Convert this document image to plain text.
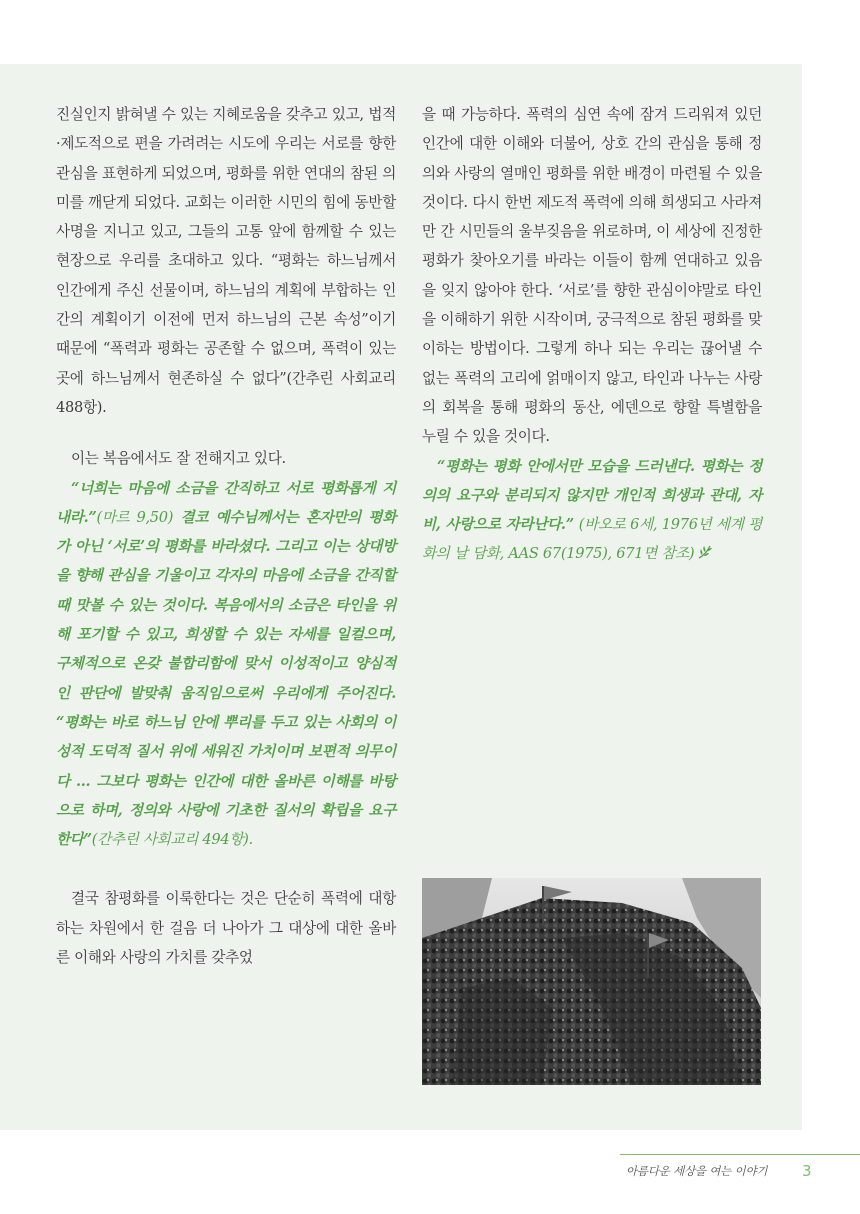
진실인지 밝혀낼 수 있는 지혜로움을 갖추고 있고, 법적·제도적으로 편을 가려려는 시도에 우리는 서로를 향한 관심을 표현하게 되었으며, 평화를 위한 연대의 참된 의미를 깨닫게 되었다. 교회는 이러한 시민의 힘에 동반할 사명을 지니고 있고, 그들의 고통 앞에 함께할 수 있는 현장으로 우리를 초대하고 있다. “평화는 하느님께서 인간에게 주신 선물이며, 하느님의 계획에 부합하는 인간의 계획이기 이전에 먼저 하느님의 근본 속성”이기 때문에 “폭력과 평화는 공존할 수 없으며, 폭력이 있는 곳에 하느님께서 현존하실 수 없다”(간추린 사회교리 488항).

이는 복음에서도 잘 전해지고 있다.

“너희는 마음에 소금을 간직하고 서로 평화롭게 지내라.”(마르 9,50) 결코 예수님께서는 혼자만의 평화가 아닌 ‘서로’의 평화를 바라셨다. 그리고 이는 상대방을 향해 관심을 기울이고 각자의 마음에 소금을 간직할 때 맛볼 수 있는 것이다. 복음에서의 소금은 타인을 위해 포기할 수 있고, 희생할 수 있는 자세를 일컬으며, 구체적으로 온갖 불합리함에 맞서 이성적이고 양심적인 판단에 발맞춰 움직임으로써 우리에게 주어진다. “평화는 바로 하느님 안에 뿌리를 두고 있는 사회의 이성적 도덕적 질서 위에 세워진 가치이며 보편적 의무이다 … 그보다 평화는 인간에 대한 올바른 이해를 바탕으로 하며, 정의와 사랑에 기초한 질서의 확립을 요구한다”(간추린 사회교리 494항).

결국 참평화를 이룩한다는 것은 단순히 폭력에 대항하는 차원에서 한 걸음 더 나아가 그 대상에 대한 올바른 이해와 사랑의 가치를 갖추었

을 때 가능하다. 폭력의 심연 속에 잠겨 드리워져 있던 인간에 대한 이해와 더불어, 상호 간의 관심을 통해 정의와 사랑의 열매인 평화를 위한 배경이 마련될 수 있을 것이다. 다시 한번 제도적 폭력에 의해 희생되고 사라져만 간 시민들의 울부짖음을 위로하며, 이 세상에 진정한 평화가 찾아오기를 바라는 이들이 함께 연대하고 있음을 잊지 않아야 한다. ‘서로’를 향한 관심이야말로 타인을 이해하기 위한 시작이며, 궁극적으로 참된 평화를 맞이하는 방법이다. 그렇게 하나 되는 우리는 끊어낼 수 없는 폭력의 고리에 얽매이지 않고, 타인과 나누는 사랑의 회복을 통해 평화의 동산, 에덴으로 향할 특별함을 누릴 수 있을 것이다.

“평화는 평화 안에서만 모습을 드러낸다. 평화는 정의의 요구와 분리되지 않지만 개인적 희생과 관대, 자비, 사랑으로 자라난다.” (바오로 6세, 1976년 세계 평화의 날 담화, AAS 67(1975), 671면 참조)

아름다운 세상을 여는 이야기 3
